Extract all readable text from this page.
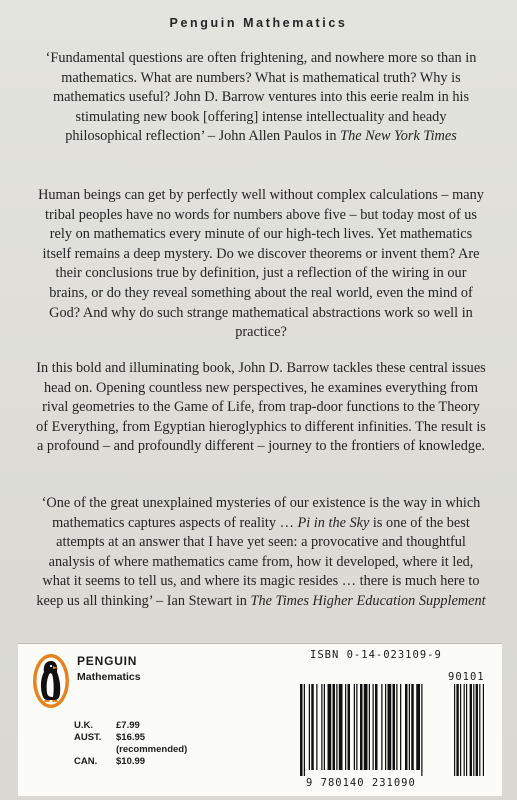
Penguin Mathematics

‘Fundamental questions are often frightening, and nowhere more so than in mathematics. What are numbers? What is mathematical truth? Why is mathematics useful? John D. Barrow ventures into this eerie realm in his stimulating new book [offering] intense intellectuality and heady philosophical reflection’ – John Allen Paulos in The New York Times

Human beings can get by perfectly well without complex calculations – many tribal peoples have no words for numbers above five – but today most of us rely on mathematics every minute of our high-tech lives. Yet mathematics itself remains a deep mystery. Do we discover theorems or invent them? Are their conclusions true by definition, just a reflection of the wiring in our brains, or do they reveal something about the real world, even the mind of God? And why do such strange mathematical abstractions work so well in practice?

In this bold and illuminating book, John D. Barrow tackles these central issues head on. Opening countless new perspectives, he examines everything from rival geometries to the Game of Life, from trap-door functions to the Theory of Everything, from Egyptian hieroglyphics to different infinities. The result is a profound – and profoundly different – journey to the frontiers of knowledge.

‘One of the great unexplained mysteries of our existence is the way in which mathematics captures aspects of reality … Pi in the Sky is one of the best attempts at an answer that I have yet seen: a provocative and thoughtful analysis of where mathematics came from, how it developed, where it led, what it seems to tell us, and where its magic resides … there is much here to keep us all thinking’ – Ian Stewart in The Times Higher Education Supplement

PENGUIN
Mathematics
U.K.	£7.99
AUST.	$16.95
(recommended)
CAN.	$10.99
ISBN 0-14-023109-9
90101
9 780140 231090
